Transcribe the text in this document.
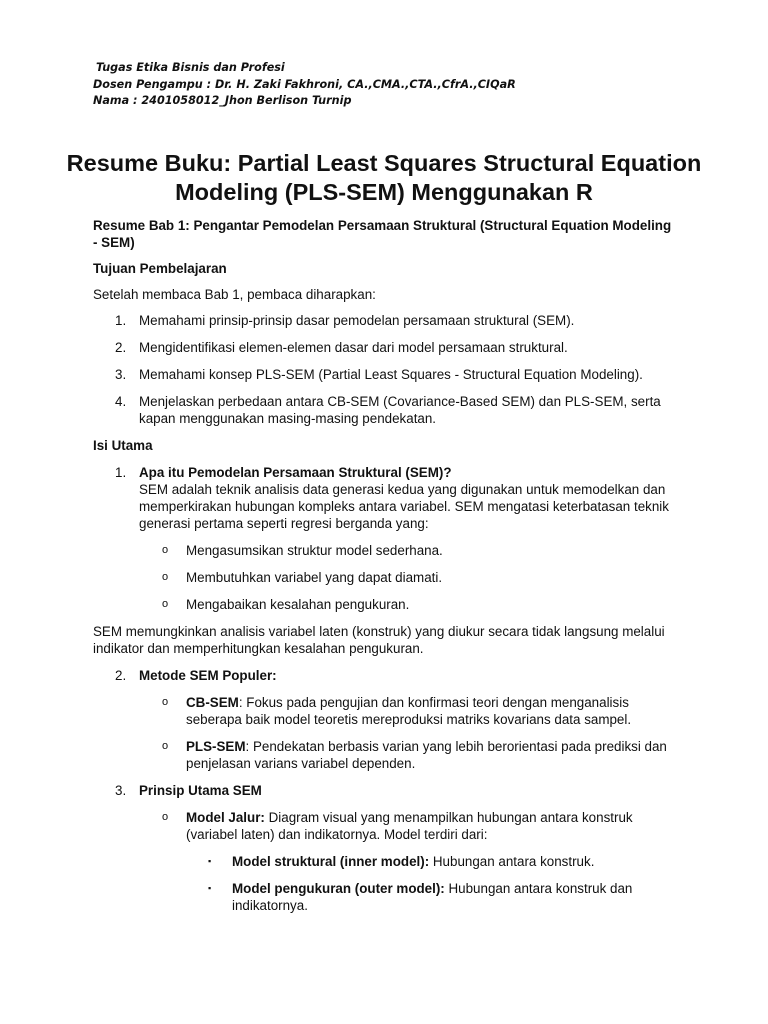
Tugas Etika Bisnis dan Profesi
Dosen Pengampu : Dr. H. Zaki Fakhroni, CA.,CMA.,CTA.,CfrA.,CIQaR
Nama : 2401058012_Jhon Berlison Turnip
Resume Buku: Partial Least Squares Structural Equation
Modeling (PLS-SEM) Menggunakan R

Resume Bab 1: Pengantar Pemodelan Persamaan Struktural (Structural Equation Modeling - SEM)

Tujuan Pembelajaran

Setelah membaca Bab 1, pembaca diharapkan:

1. Memahami prinsip-prinsip dasar pemodelan persamaan struktural (SEM).
2. Mengidentifikasi elemen-elemen dasar dari model persamaan struktural.
3. Memahami konsep PLS-SEM (Partial Least Squares - Structural Equation Modeling).
4. Menjelaskan perbedaan antara CB-SEM (Covariance-Based SEM) dan PLS-SEM, serta kapan menggunakan masing-masing pendekatan.

Isi Utama

1. Apa itu Pemodelan Persamaan Struktural (SEM)?
SEM adalah teknik analisis data generasi kedua yang digunakan untuk memodelkan dan memperkirakan hubungan kompleks antara variabel. SEM mengatasi keterbatasan teknik generasi pertama seperti regresi berganda yang:
o Mengasumsikan struktur model sederhana.
o Membutuhkan variabel yang dapat diamati.
o Mengabaikan kesalahan pengukuran.

SEM memungkinkan analisis variabel laten (konstruk) yang diukur secara tidak langsung melalui indikator dan memperhitungkan kesalahan pengukuran.

2. Metode SEM Populer:
o CB-SEM: Fokus pada pengujian dan konfirmasi teori dengan menganalisis seberapa baik model teoretis mereproduksi matriks kovarians data sampel.
o PLS-SEM: Pendekatan berbasis varian yang lebih berorientasi pada prediksi dan penjelasan varians variabel dependen.
3. Prinsip Utama SEM
o Model Jalur: Diagram visual yang menampilkan hubungan antara konstruk (variabel laten) dan indikatornya. Model terdiri dari:
▪ Model struktural (inner model): Hubungan antara konstruk.
▪ Model pengukuran (outer model): Hubungan antara konstruk dan indikatornya.
